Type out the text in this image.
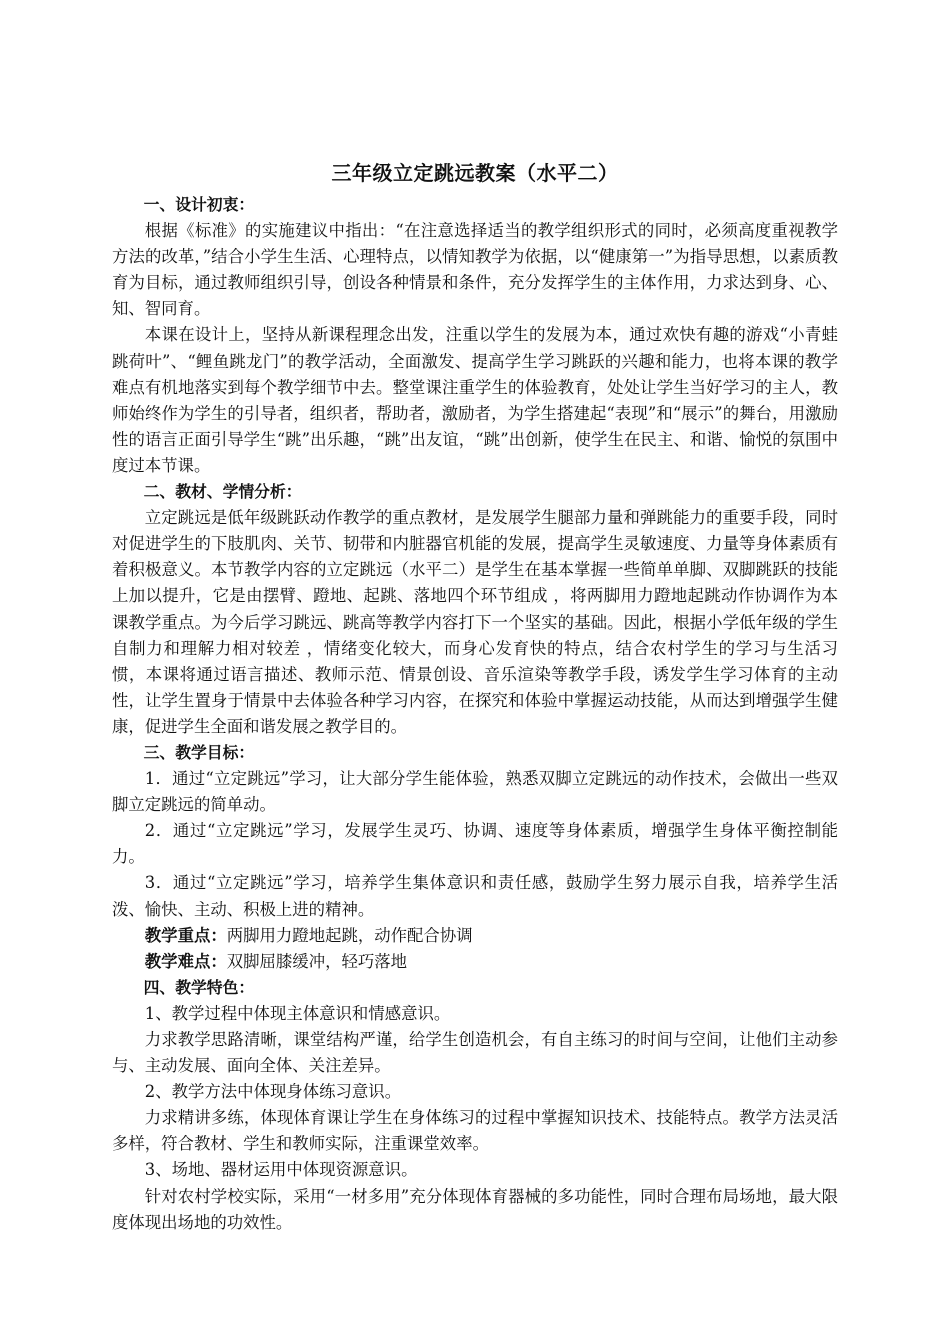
三年级立定跳远教案（水平二）

一、设计初衷：

根据《标准》的实施建议中指出：“在注意选择适当的教学组织形式的同时，必须高度重视教学方法的改革，”结合小学生生活、心理特点，以情知教学为依据，以“健康第一”为指导思想，以素质教育为目标，通过教师组织引导，创设各种情景和条件，充分发挥学生的主体作用，力求达到身、心、知、智同育。

本课在设计上，坚持从新课程理念出发，注重以学生的发展为本，通过欢快有趣的游戏“小青蛙跳荷叶”、“鲤鱼跳龙门”的教学活动，全面激发、提高学生学习跳跃的兴趣和能力，也将本课的教学难点有机地落实到每个教学细节中去。整堂课注重学生的体验教育，处处让学生当好学习的主人，教师始终作为学生的引导者，组织者，帮助者，激励者，为学生搭建起“表现”和“展示”的舞台，用激励性的语言正面引导学生“跳”出乐趣，“跳”出友谊，“跳”出创新，使学生在民主、和谐、愉悦的氛围中度过本节课。

二、教材、学情分析：

立定跳远是低年级跳跃动作教学的重点教材，是发展学生腿部力量和弹跳能力的重要手段，同时对促进学生的下肢肌肉、关节、韧带和内脏器官机能的发展，提高学生灵敏速度、力量等身体素质有着积极意义。本节教学内容的立定跳远（水平二）是学生在基本掌握一些简单单脚、双脚跳跃的技能上加以提升，它是由摆臂、蹬地、起跳、落地四个环节组成 ，将两脚用力蹬地起跳动作协调作为本课教学重点。为今后学习跳远、跳高等教学内容打下一个坚实的基础。因此，根据小学低年级的学生自制力和理解力相对较差 ，情绪变化较大，而身心发育快的特点，结合农村学生的学习与生活习惯，本课将通过语言描述、教师示范、情景创设、音乐渲染等教学手段，诱发学生学习体育的主动性，让学生置身于情景中去体验各种学习内容，在探究和体验中掌握运动技能，从而达到增强学生健康，促进学生全面和谐发展之教学目的。

三、教学目标：

1．通过“立定跳远”学习，让大部分学生能体验，熟悉双脚立定跳远的动作技术，会做出一些双脚立定跳远的简单动。

2．通过“立定跳远”学习，发展学生灵巧、协调、速度等身体素质，增强学生身体平衡控制能力。

3．通过“立定跳远”学习，培养学生集体意识和责任感，鼓励学生努力展示自我，培养学生活泼、愉快、主动、积极上进的精神。

教学重点：两脚用力蹬地起跳，动作配合协调

教学难点：双脚屈膝缓冲，轻巧落地

四、教学特色：

1、教学过程中体现主体意识和情感意识。

力求教学思路清晰，课堂结构严谨，给学生创造机会，有自主练习的时间与空间，让他们主动参与、主动发展、面向全体、关注差异。

2、教学方法中体现身体练习意识。

力求精讲多练，体现体育课让学生在身体练习的过程中掌握知识技术、技能特点。教学方法灵活多样，符合教材、学生和教师实际，注重课堂效率。

3、场地、器材运用中体现资源意识。

针对农村学校实际，采用“一材多用”充分体现体育器械的多功能性，同时合理布局场地，最大限度体现出场地的功效性。
